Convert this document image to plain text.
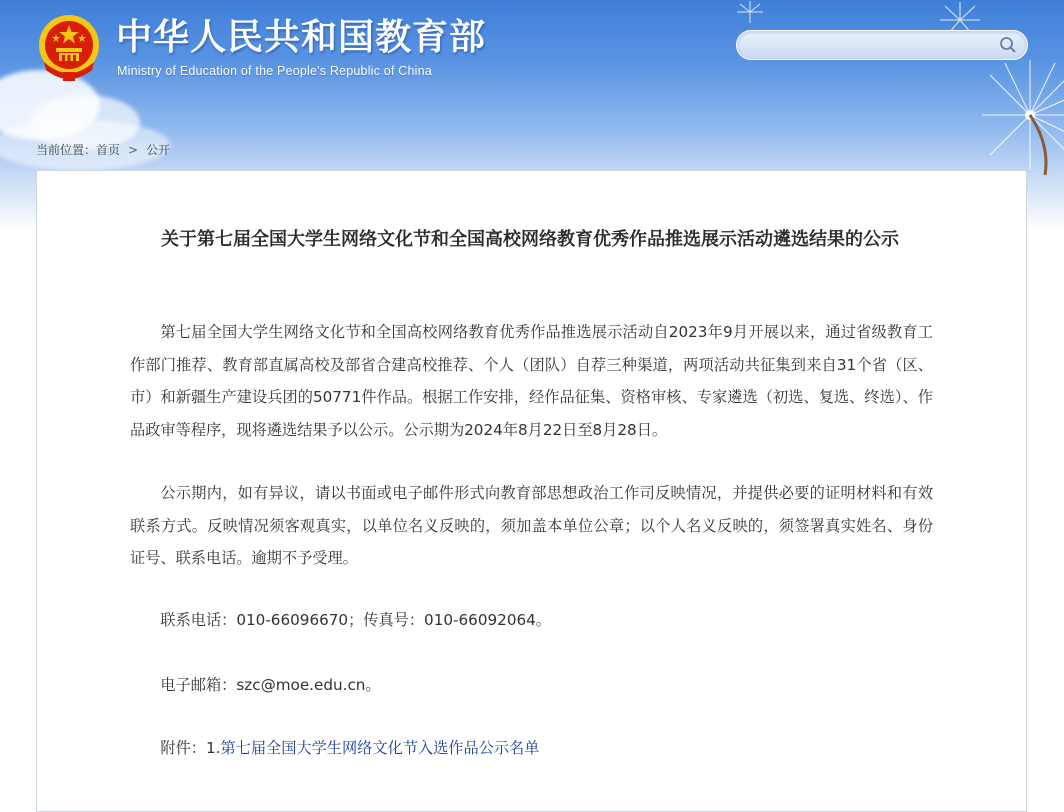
中华人民共和国教育部
Ministry of Education of the People's Republic of China
当前位置：首页 > 公开
关于第七届全国大学生网络文化节和全国高校网络教育优秀作品推选展示活动遴选结果的公示
第七届全国大学生网络文化节和全国高校网络教育优秀作品推选展示活动自2023年9月开展以来，通过省级教育工作部门推荐、教育部直属高校及部省合建高校推荐、个人（团队）自荐三种渠道，两项活动共征集到来自31个省（区、市）和新疆生产建设兵团的50771件作品。根据工作安排，经作品征集、资格审核、专家遴选（初选、复选、终选）、作品政审等程序，现将遴选结果予以公示。公示期为2024年8月22日至8月28日。
公示期内，如有异议，请以书面或电子邮件形式向教育部思想政治工作司反映情况，并提供必要的证明材料和有效联系方式。反映情况须客观真实，以单位名义反映的，须加盖本单位公章；以个人名义反映的，须签署真实姓名、身份证号、联系电话。逾期不予受理。
联系电话：010-66096670；传真号：010-66092064。
电子邮箱：szc@moe.edu.cn。
附件：1.第七届全国大学生网络文化节入选作品公示名单
